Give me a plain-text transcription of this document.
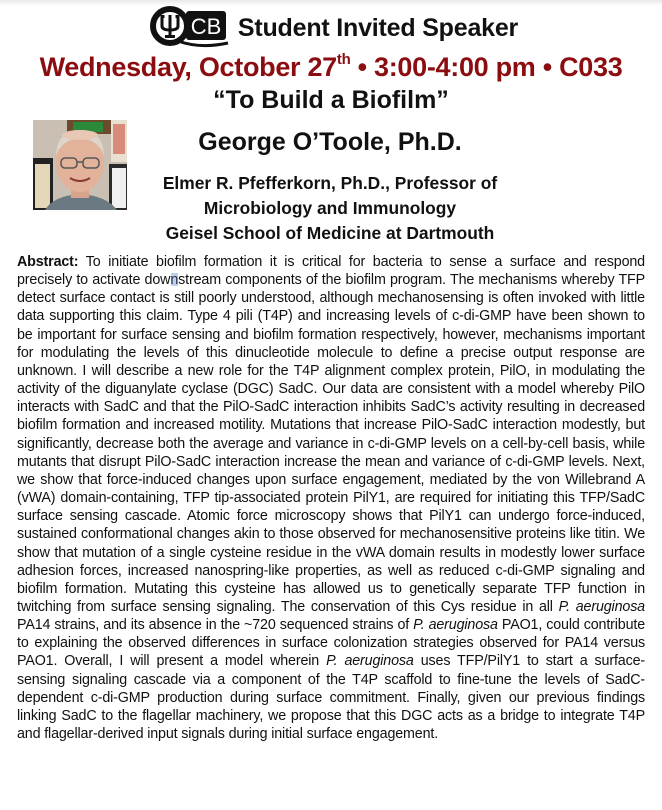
CB Student Invited Speaker
Wednesday, October 27th • 3:00-4:00 pm • C033
“To Build a Biofilm”
George O’Toole, Ph.D.
Elmer R. Pfefferkorn, Ph.D., Professor of
Microbiology and Immunology
Geisel School of Medicine at Dartmouth
Abstract: To initiate biofilm formation it is critical for bacteria to sense a surface and respond precisely to activate downstream components of the biofilm program. The mechanisms whereby TFP detect surface contact is still poorly understood, although mechanosensing is often invoked with little data supporting this claim. Type 4 pili (T4P) and increasing levels of c-di-GMP have been shown to be important for surface sensing and biofilm formation respectively, however, mechanisms important for modulating the levels of this dinucleotide molecule to define a precise output response are unknown. I will describe a new role for the T4P alignment complex protein, PilO, in modulating the activity of the diguanylate cyclase (DGC) SadC. Our data are consistent with a model whereby PilO interacts with SadC and that the PilO-SadC interaction inhibits SadC’s activity resulting in decreased biofilm formation and increased motility. Mutations that increase PilO-SadC interaction modestly, but significantly, decrease both the average and variance in c-di-GMP levels on a cell-by-cell basis, while mutants that disrupt PilO-SadC interaction increase the mean and variance of c-di-GMP levels. Next, we show that force-induced changes upon surface engagement, mediated by the von Willebrand A (vWA) domain-containing, TFP tip-associated protein PilY1, are required for initiating this TFP/SadC surface sensing cascade. Atomic force microscopy shows that PilY1 can undergo force-induced, sustained conformational changes akin to those observed for mechanosensitive proteins like titin. We show that mutation of a single cysteine residue in the vWA domain results in modestly lower surface adhesion forces, increased nanospring-like properties, as well as reduced c-di-GMP signaling and biofilm formation. Mutating this cysteine has allowed us to genetically separate TFP function in twitching from surface sensing signaling. The conservation of this Cys residue in all P. aeruginosa PA14 strains, and its absence in the ~720 sequenced strains of P. aeruginosa PAO1, could contribute to explaining the observed differences in surface colonization strategies observed for PA14 versus PAO1. Overall, I will present a model wherein P. aeruginosa uses TFP/PilY1 to start a surface-sensing signaling cascade via a component of the T4P scaffold to fine-tune the levels of SadC-dependent c-di-GMP production during surface commitment. Finally, given our previous findings linking SadC to the flagellar machinery, we propose that this DGC acts as a bridge to integrate T4P and flagellar-derived input signals during initial surface engagement.
